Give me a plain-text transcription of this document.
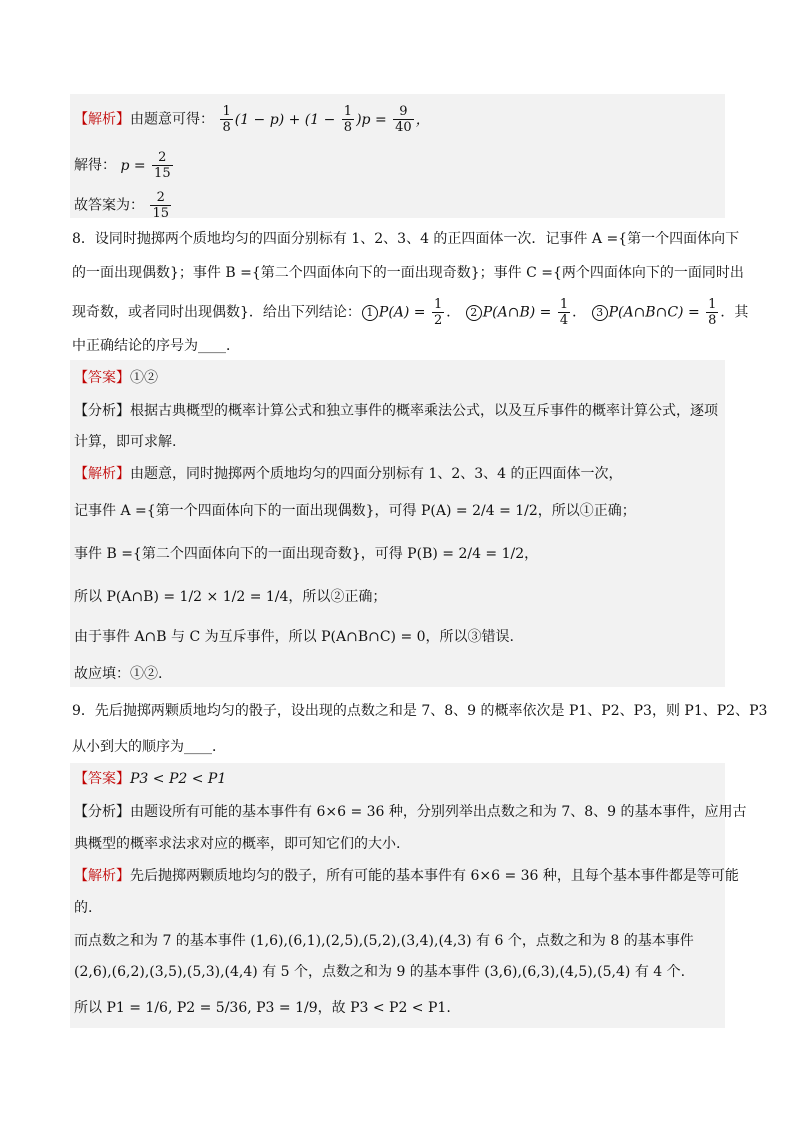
【解析】由题意可得： $\frac{1}{8} (1 - p) + (1 - \frac{1}{8} )p = \frac{9}{40}$ ，
解得： $p = \frac{2}{15}$
故答案为： $\frac{2}{15}$
8．设同时抛掷两个质地均匀的四面分别标有 1、2、3、4 的正四面体一次．记事件 A ={第一个四面体向下
的一面出现偶数}；事件 B ={第二个四面体向下的一面出现奇数}；事件 C ={两个四面体向下的一面同时出
现奇数，或者同时出现偶数}．给出下列结论： 1 $P(A) = \frac{1}{2}$ ． 2 P(A∩B) = $\frac{1}{4}$ ． 3 P(A∩B∩C) = $\frac{1}{8}$ ．其
中正确结论的序号为____．
【答案】①②
【分析】根据古典概型的概率计算公式和独立事件的概率乘法公式，以及互斥事件的概率计算公式，逐项
计算，即可求解.
【解析】由题意，同时抛掷两个质地均匀的四面分别标有 1、2、3、4 的正四面体一次，
记事件 A ={第一个四面体向下的一面出现偶数}，可得 P(A) = 2/4 = 1/2，所以①正确；
事件 B ={第二个四面体向下的一面出现奇数}，可得 P(B) = 2/4 = 1/2，
所以 P(A∩B) = 1/2 × 1/2 = 1/4，所以②正确；
由于事件 A∩B 与 C 为互斥事件，所以 P(A∩B∩C) = 0，所以③错误.
故应填：①②.
9．先后抛掷两颗质地均匀的骰子，设出现的点数之和是 7、8、9 的概率依次是 P1、P2、P3，则 P1、P2、P3
从小到大的顺序为____．
【答案】P3 < P2 < P1
【分析】由题设所有可能的基本事件有 6×6 = 36 种，分别列举出点数之和为 7、8、9 的基本事件，应用古
典概型的概率求法求对应的概率，即可知它们的大小.
【解析】先后抛掷两颗质地均匀的骰子，所有可能的基本事件有 6×6 = 36 种，且每个基本事件都是等可能
的.
而点数之和为 7 的基本事件 (1,6),(6,1),(2,5),(5,2),(3,4),(4,3) 有 6 个，点数之和为 8 的基本事件
(2,6),(6,2),(3,5),(5,3),(4,4) 有 5 个，点数之和为 9 的基本事件 (3,6),(6,3),(4,5),(5,4) 有 4 个.
所以 P1 = 1/6, P2 = 5/36, P3 = 1/9，故 P3 < P2 < P1.
